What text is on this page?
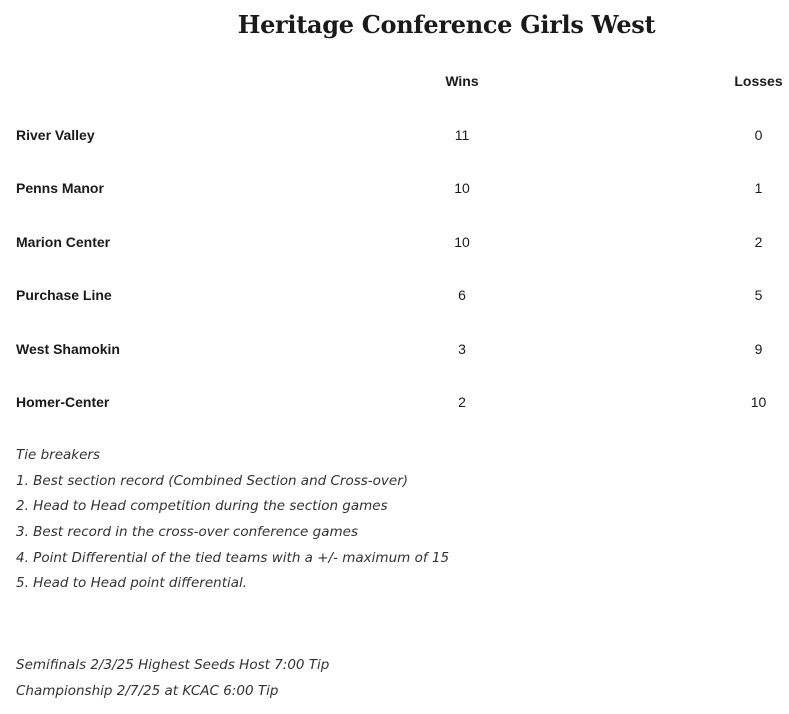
Heritage Conference Girls West
	Wins	Losses
River Valley	11	0
Penns Manor	10	1
Marion Center	10	2
Purchase Line	6	5
West Shamokin	3	9
Homer-Center	2	10
Tie breakers
1. Best section record (Combined Section and Cross-over)
2. Head to Head competition during the section games
3. Best record in the cross-over conference games
4. Point Differential of the tied teams with a +/- maximum of 15
5. Head to Head point differential.
Semifinals 2/3/25 Highest Seeds Host 7:00 Tip
Championship 2/7/25 at KCAC 6:00 Tip
